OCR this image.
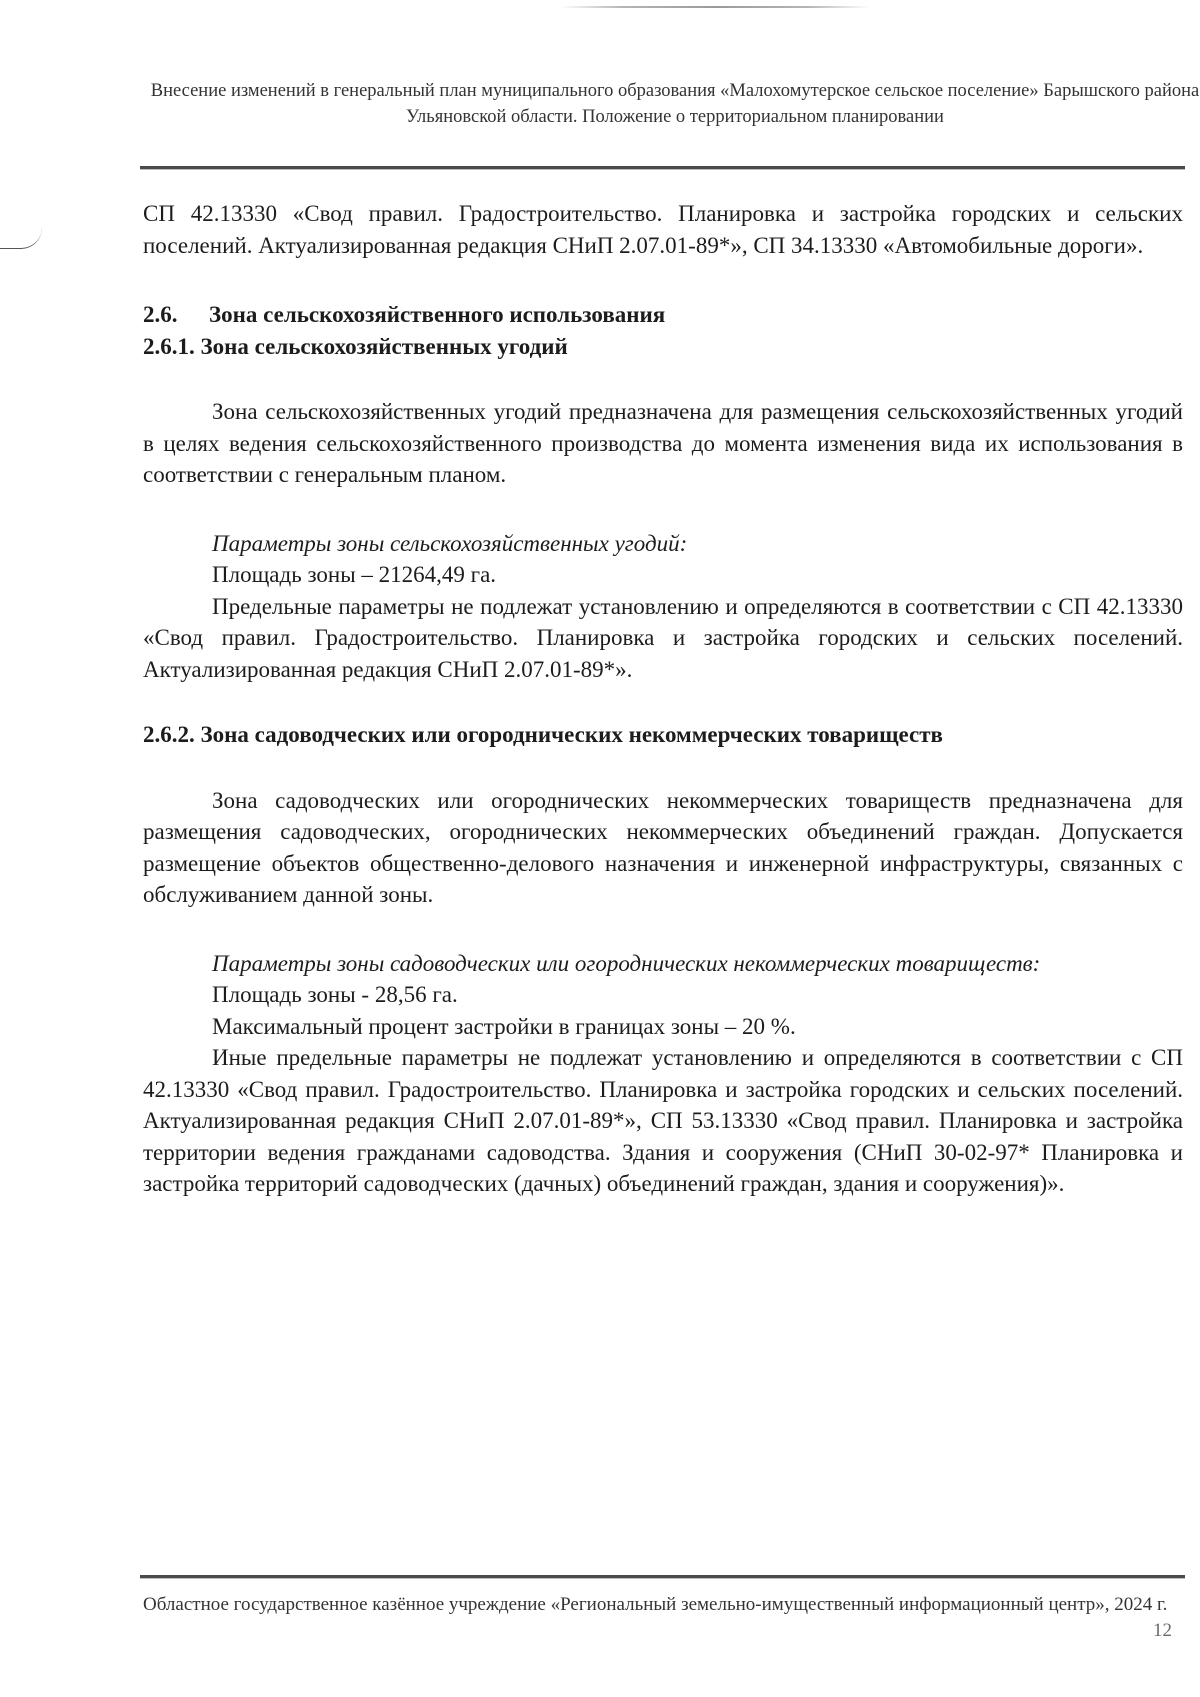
Внесение изменений в генеральный план муниципального образования «Малохомутерское сельское поселение» Барышского района Ульяновской области. Положение о территориальном планировании

СП 42.13330 «Свод правил. Градостроительство. Планировка и застройка городских и сельских поселений. Актуализированная редакция СНиП 2.07.01-89*», СП 34.13330 «Автомобильные дороги».

2.6. Зона сельскохозяйственного использования

2.6.1. Зона сельскохозяйственных угодий

Зона сельскохозяйственных угодий предназначена для размещения сельскохозяйственных угодий в целях ведения сельскохозяйственного производства до момента изменения вида их использования в соответствии с генеральным планом.

Параметры зоны сельскохозяйственных угодий:

Площадь зоны – 21264,49 га.

Предельные параметры не подлежат установлению и определяются в соответствии с СП 42.13330 «Свод правил. Градостроительство. Планировка и застройка городских и сельских поселений. Актуализированная редакция СНиП 2.07.01-89*».

2.6.2. Зона садоводческих или огороднических некоммерческих товариществ

Зона садоводческих или огороднических некоммерческих товариществ предназначена для размещения садоводческих, огороднических некоммерческих объединений граждан. Допускается размещение объектов общественно-делового назначения и инженерной инфраструктуры, связанных с обслуживанием данной зоны.

Параметры зоны садоводческих или огороднических некоммерческих товариществ:

Площадь зоны - 28,56 га.

Максимальный процент застройки в границах зоны – 20 %.

Иные предельные параметры не подлежат установлению и определяются в соответствии с СП 42.13330 «Свод правил. Градостроительство. Планировка и застройка городских и сельских поселений. Актуализированная редакция СНиП 2.07.01-89*», СП 53.13330 «Свод правил. Планировка и застройка территории ведения гражданами садоводства. Здания и сооружения (СНиП 30-02-97* Планировка и застройка территорий садоводческих (дачных) объединений граждан, здания и сооружения)».

Областное государственное казённое учреждение «Региональный земельно-имущественный информационный центр», 2024 г.
12
